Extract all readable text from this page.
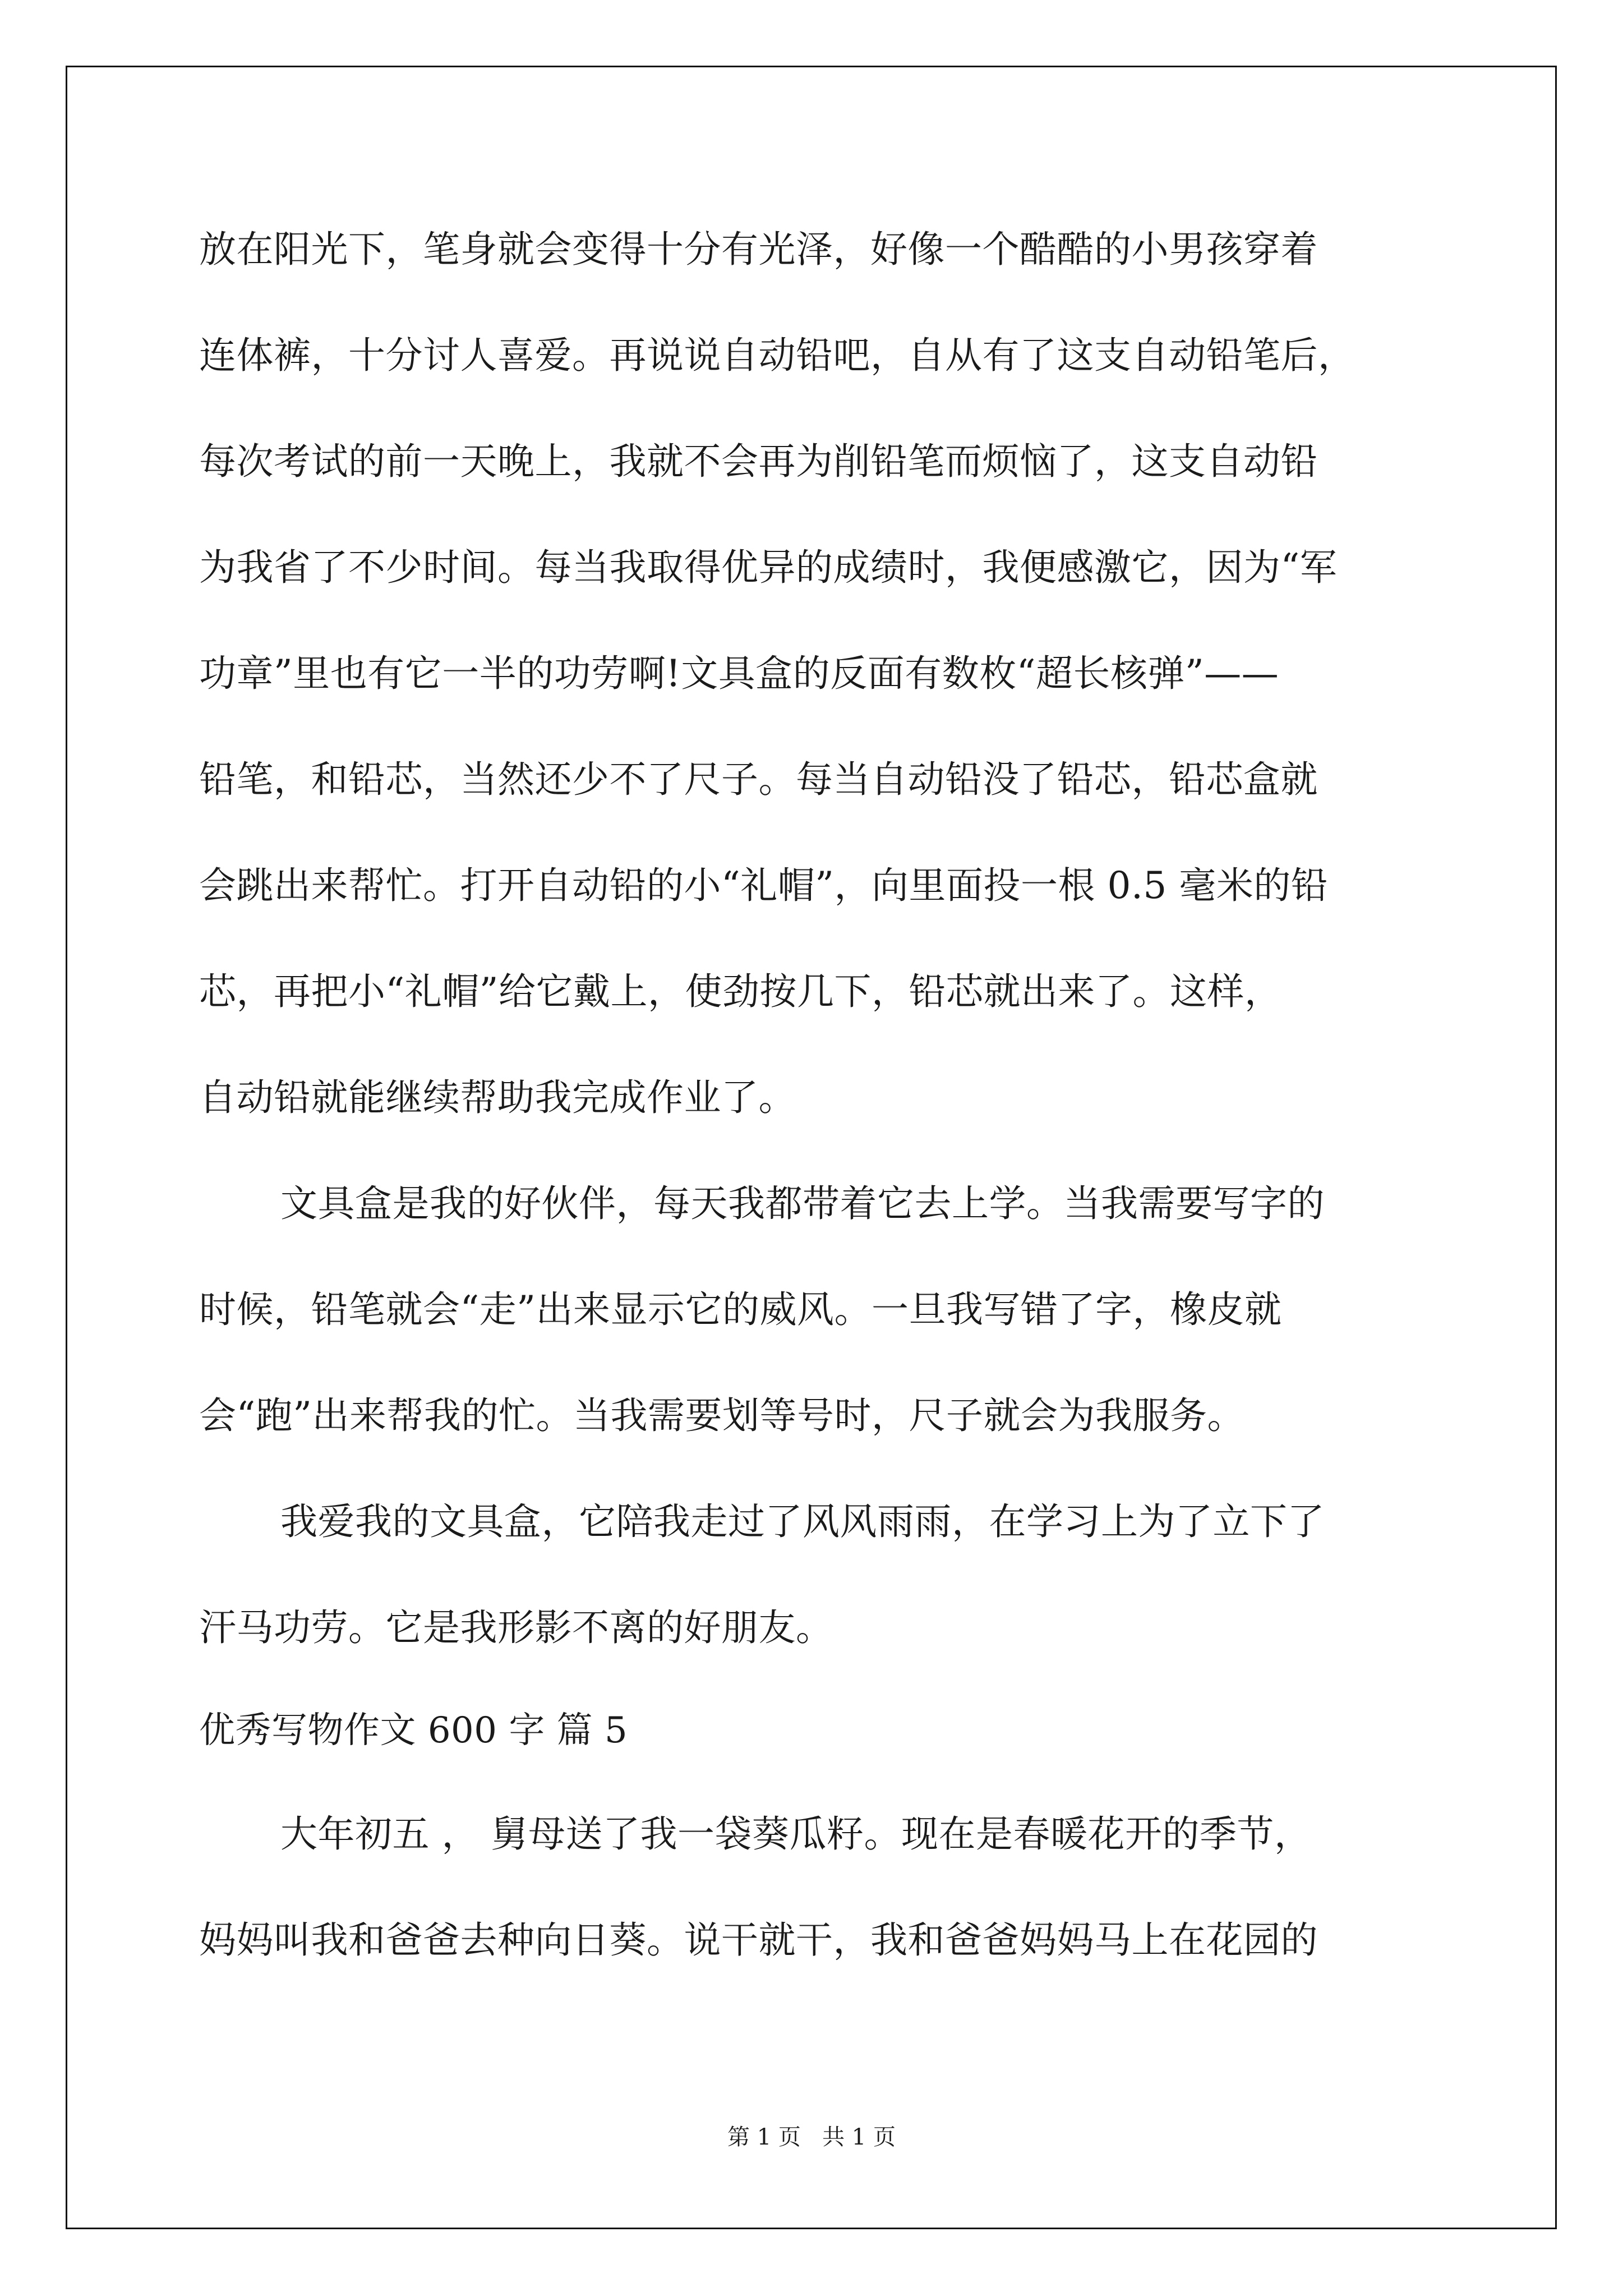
放在阳光下，笔身就会变得十分有光泽，好像一个酷酷的小男孩穿着
连体裤，十分讨人喜爱。再说说自动铅吧，自从有了这支自动铅笔后，
每次考试的前一天晚上，我就不会再为削铅笔而烦恼了，这支自动铅
为我省了不少时间。每当我取得优异的成绩时，我便感激它，因为“军
功章”里也有它一半的功劳啊!文具盒的反面有数枚“超长核弹”——
铅笔，和铅芯，当然还少不了尺子。每当自动铅没了铅芯，铅芯盒就
会跳出来帮忙。打开自动铅的小“礼帽”，向里面投一根 0.5 毫米的铅
芯，再把小“礼帽”给它戴上，使劲按几下，铅芯就出来了。这样，
自动铅就能继续帮助我完成作业了。
文具盒是我的好伙伴，每天我都带着它去上学。当我需要写字的
时候，铅笔就会“走”出来显示它的威风。一旦我写错了字，橡皮就
会“跑”出来帮我的忙。当我需要划等号时，尺子就会为我服务。
我爱我的文具盒，它陪我走过了风风雨雨，在学习上为了立下了
汗马功劳。它是我形影不离的好朋友。
优秀写物作文 600 字 篇 5
大年初五 ， 舅母送了我一袋葵瓜籽。现在是春暖花开的季节，
妈妈叫我和爸爸去种向日葵。说干就干，我和爸爸妈妈马上在花园的
第 1 页   共 1 页
